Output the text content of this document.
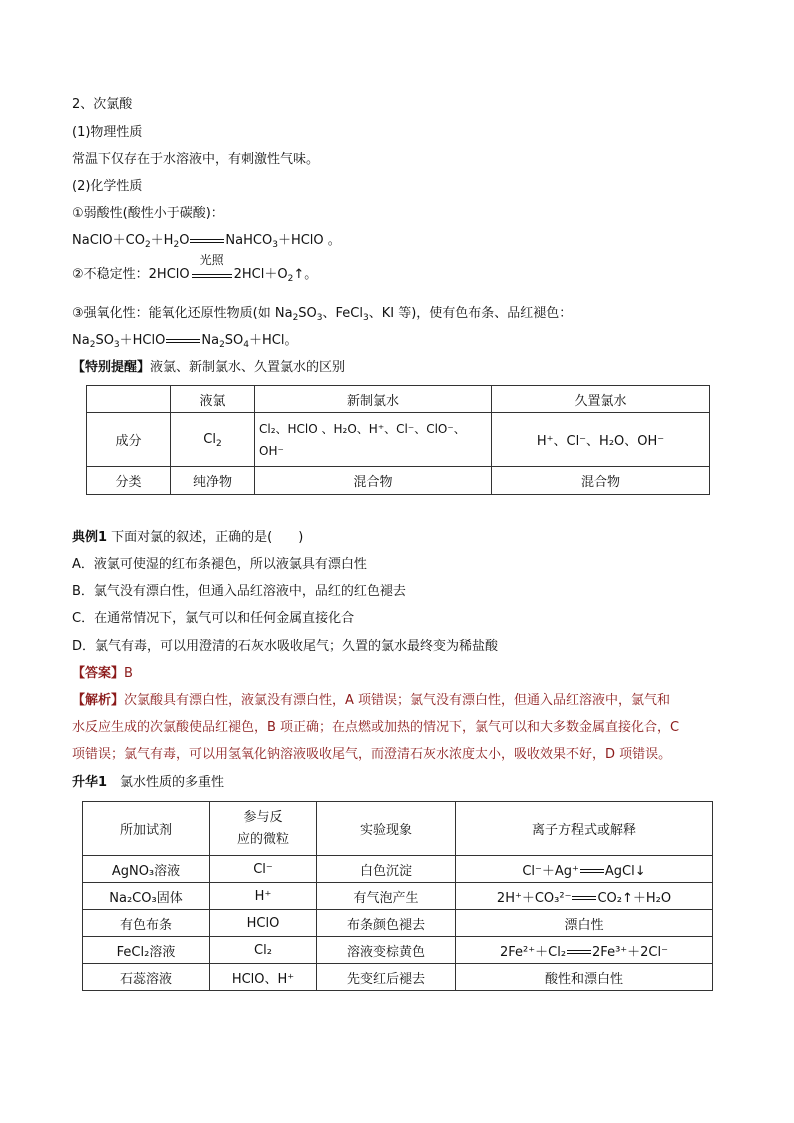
2、次氯酸
(1)物理性质
常温下仅存在于水溶液中，有刺激性气味。
(2)化学性质
①弱酸性(酸性小于碳酸)：
$NaClO+CO_2+H_2O$	NaHCO$_3$＋HClO 。
②不稳定性：2HClO
光照
$2HCl+O_2↑$。
③强氧化性：能氧化还原性物质(如 $Na_2SO_3$、FeCl$_3$、KI 等)，使有色布条、品红褪色：
$Na_2SO_3+HClO$	$Na_2SO_4+HCl$。
【特别提醒】液氯、新制氯水、久置氯水的区别
	液氯	新制氯水	久置氯水
成分	$Cl_2$	Cl₂、HClO 、H₂O、H⁺、Cl⁻、ClO⁻、OH⁻	H⁺、Cl⁻、H₂O、OH⁻
分类	纯净物	混合物	混合物
典例1 下面对氯的叙述，正确的是(　　)
A．液氯可使湿的红布条褪色，所以液氯具有漂白性
B．氯气没有漂白性，但通入品红溶液中，品红的红色褪去
C．在通常情况下，氯气可以和任何金属直接化合
D．氯气有毒，可以用澄清的石灰水吸收尾气；久置的氯水最终变为稀盐酸
【答案】B
【解析】次氯酸具有漂白性，液氯没有漂白性，A 项错误；氯气没有漂白性，但通入品红溶液中，氯气和
水反应生成的次氯酸使品红褪色，B 项正确；在点燃或加热的情况下，氯气可以和大多数金属直接化合，C
项错误；氯气有毒，可以用氢氧化钠溶液吸收尾气，而澄清石灰水浓度太小，吸收效果不好，D 项错误。
升华1　氯水性质的多重性
所加试剂	参与反
应的微粒	实验现象	离子方程式或解释
AgNO₃溶液	Cl⁻	白色沉淀	Cl⁻＋Ag⁺ AgCl↓
Na₂CO₃固体	H⁺	有气泡产生	2H⁺＋CO₃²⁻ CO₂↑＋H₂O
有色布条	HClO	布条颜色褪去	漂白性
FeCl₂溶液	Cl₂	溶液变棕黄色	2Fe²⁺＋Cl₂ 2Fe³⁺＋2Cl⁻
石蕊溶液	HClO、H⁺	先变红后褪去	酸性和漂白性
